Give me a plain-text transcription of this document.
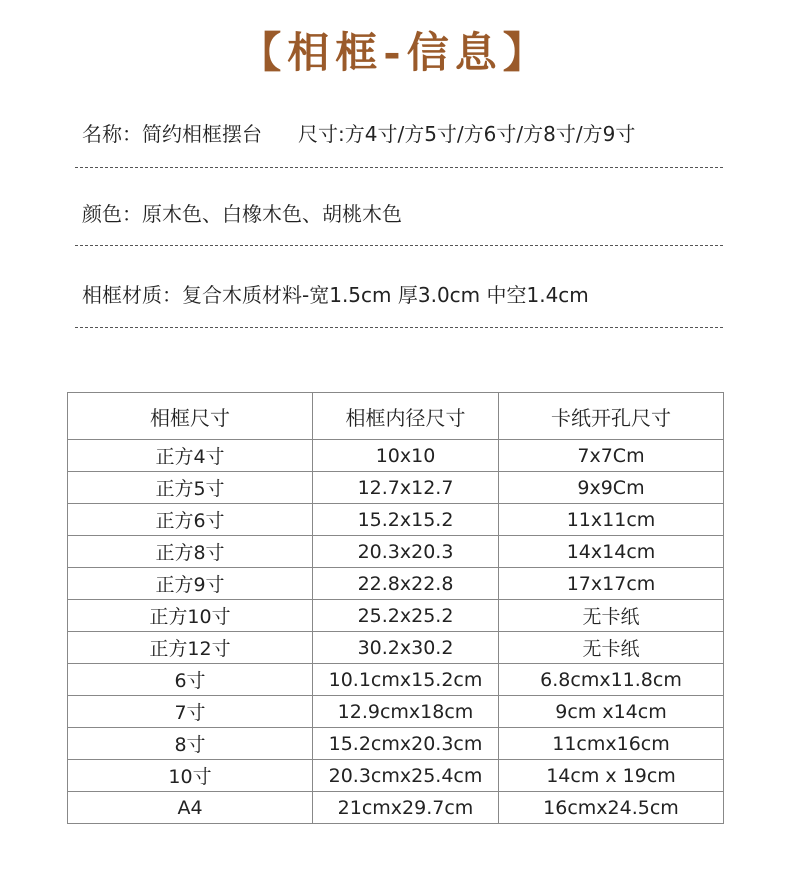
【相框-信息】
名称：简约相框摆台 尺寸:方4寸/方5寸/方6寸/方8寸/方9寸
颜色：原木色、白橡木色、胡桃木色
相框材质：复合木质材料-宽1.5cm 厚3.0cm 中空1.4cm
相框尺寸	相框内径尺寸	卡纸开孔尺寸
正方4寸	10x10	7x7Cm
正方5寸	12.7x12.7	9x9Cm
正方6寸	15.2x15.2	11x11cm
正方8寸	20.3x20.3	14x14cm
正方9寸	22.8x22.8	17x17cm
正方10寸	25.2x25.2	无卡纸
正方12寸	30.2x30.2	无卡纸
6寸	10.1cmx15.2cm	6.8cmx11.8cm
7寸	12.9cmx18cm	9cm x14cm
8寸	15.2cmx20.3cm	11cmx16cm
10寸	20.3cmx25.4cm	14cm x 19cm
A4	21cmx29.7cm	16cmx24.5cm
